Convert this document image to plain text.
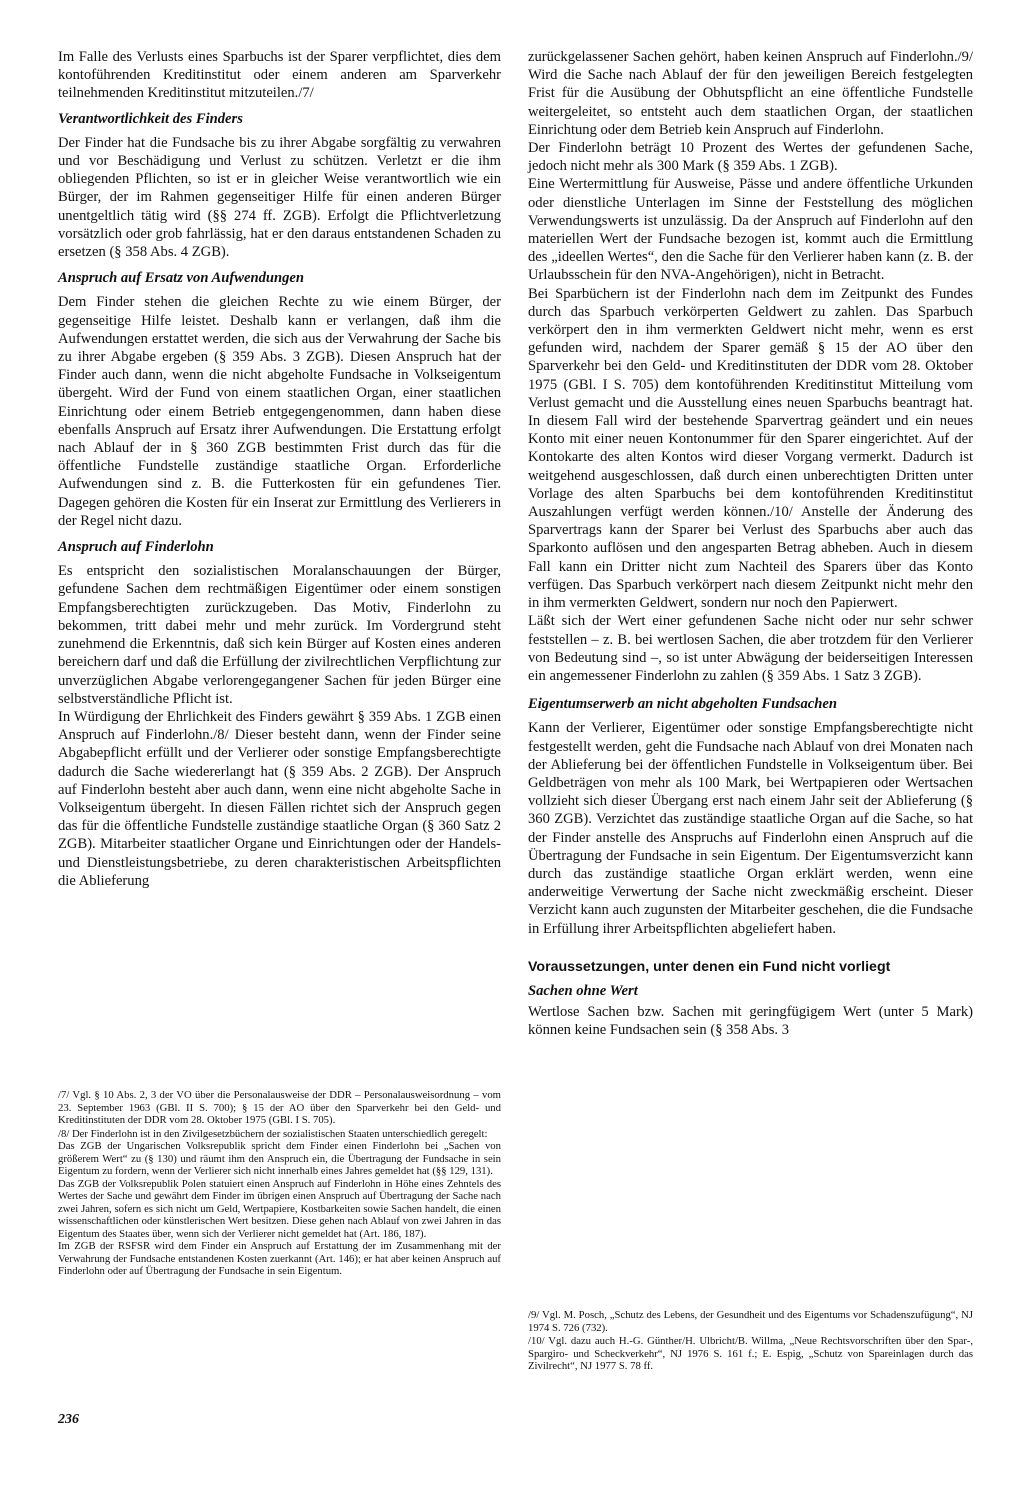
Im Falle des Verlusts eines Sparbuchs ist der Sparer verpflichtet, dies dem kontoführenden Kreditinstitut oder einem anderen am Sparverkehr teilnehmenden Kreditinstitut mitzuteilen./7/

Verantwortlichkeit des Finders

Der Finder hat die Fundsache bis zu ihrer Abgabe sorgfältig zu verwahren und vor Beschädigung und Verlust zu schützen. Verletzt er die ihm obliegenden Pflichten, so ist er in gleicher Weise verantwortlich wie ein Bürger, der im Rahmen gegenseitiger Hilfe für einen anderen Bürger unentgeltlich tätig wird (§§ 274 ff. ZGB). Erfolgt die Pflichtverletzung vorsätzlich oder grob fahrlässig, hat er den daraus entstandenen Schaden zu ersetzen (§ 358 Abs. 4 ZGB).

Anspruch auf Ersatz von Aufwendungen

Dem Finder stehen die gleichen Rechte zu wie einem Bürger, der gegenseitige Hilfe leistet. Deshalb kann er verlangen, daß ihm die Aufwendungen erstattet werden, die sich aus der Verwahrung der Sache bis zu ihrer Abgabe ergeben (§ 359 Abs. 3 ZGB). Diesen Anspruch hat der Finder auch dann, wenn die nicht abgeholte Fundsache in Volkseigentum übergeht. Wird der Fund von einem staatlichen Organ, einer staatlichen Einrichtung oder einem Betrieb entgegengenommen, dann haben diese ebenfalls Anspruch auf Ersatz ihrer Aufwendungen. Die Erstattung erfolgt nach Ablauf der in § 360 ZGB bestimmten Frist durch das für die öffentliche Fundstelle zuständige staatliche Organ. Erforderliche Aufwendungen sind z. B. die Futterkosten für ein gefundenes Tier. Dagegen gehören die Kosten für ein Inserat zur Ermittlung des Verlierers in der Regel nicht dazu.

Anspruch auf Finderlohn

Es entspricht den sozialistischen Moralanschauungen der Bürger, gefundene Sachen dem rechtmäßigen Eigentümer oder einem sonstigen Empfangsberechtigten zurückzugeben. Das Motiv, Finderlohn zu bekommen, tritt dabei mehr und mehr zurück. Im Vordergrund steht zunehmend die Erkenntnis, daß sich kein Bürger auf Kosten eines anderen bereichern darf und daß die Erfüllung der zivilrechtlichen Verpflichtung zur unverzüglichen Abgabe verlorengegangener Sachen für jeden Bürger eine selbstverständliche Pflicht ist.

In Würdigung der Ehrlichkeit des Finders gewährt § 359 Abs. 1 ZGB einen Anspruch auf Finderlohn./8/ Dieser besteht dann, wenn der Finder seine Abgabepflicht erfüllt und der Verlierer oder sonstige Empfangsberechtigte dadurch die Sache wiedererlangt hat (§ 359 Abs. 2 ZGB). Der Anspruch auf Finderlohn besteht aber auch dann, wenn eine nicht abgeholte Sache in Volkseigentum übergeht. In diesen Fällen richtet sich der Anspruch gegen das für die öffentliche Fundstelle zuständige staatliche Organ (§ 360 Satz 2 ZGB). Mitarbeiter staatlicher Organe und Einrichtungen oder der Handels- und Dienstleistungsbetriebe, zu deren charakteristischen Arbeitspflichten die Ablieferung

/7/ Vgl. § 10 Abs. 2, 3 der VO über die Personalausweise der DDR – Personalausweisordnung – vom 23. September 1963 (GBl. II S. 700); § 15 der AO über den Sparverkehr bei den Geld- und Kreditinstituten der DDR vom 28. Oktober 1975 (GBl. I S. 705).

/8/ Der Finderlohn ist in den Zivilgesetzbüchern der sozialistischen Staaten unterschiedlich geregelt:

Das ZGB der Ungarischen Volksrepublik spricht dem Finder einen Finderlohn bei „Sachen von größerem Wert“ zu (§ 130) und räumt ihm den Anspruch ein, die Übertragung der Fundsache in sein Eigentum zu fordern, wenn der Verlierer sich nicht innerhalb eines Jahres gemeldet hat (§§ 129, 131).

Das ZGB der Volksrepublik Polen statuiert einen Anspruch auf Finderlohn in Höhe eines Zehntels des Wertes der Sache und gewährt dem Finder im übrigen einen Anspruch auf Übertragung der Sache nach zwei Jahren, sofern es sich nicht um Geld, Wertpapiere, Kostbarkeiten sowie Sachen handelt, die einen wissenschaftlichen oder künstlerischen Wert besitzen. Diese gehen nach Ablauf von zwei Jahren in das Eigentum des Staates über, wenn sich der Verlierer nicht gemeldet hat (Art. 186, 187).

Im ZGB der RSFSR wird dem Finder ein Anspruch auf Erstattung der im Zusammenhang mit der Verwahrung der Fundsache entstandenen Kosten zuerkannt (Art. 146); er hat aber keinen Anspruch auf Finderlohn oder auf Übertragung der Fundsache in sein Eigentum.

236

zurückgelassener Sachen gehört, haben keinen Anspruch auf Finderlohn./9/ Wird die Sache nach Ablauf der für den jeweiligen Bereich festgelegten Frist für die Ausübung der Obhutspflicht an eine öffentliche Fundstelle weitergeleitet, so entsteht auch dem staatlichen Organ, der staatlichen Einrichtung oder dem Betrieb kein Anspruch auf Finderlohn.

Der Finderlohn beträgt 10 Prozent des Wertes der gefundenen Sache, jedoch nicht mehr als 300 Mark (§ 359 Abs. 1 ZGB).

Eine Wertermittlung für Ausweise, Pässe und andere öffentliche Urkunden oder dienstliche Unterlagen im Sinne der Feststellung des möglichen Verwendungswerts ist unzulässig. Da der Anspruch auf Finderlohn auf den materiellen Wert der Fundsache bezogen ist, kommt auch die Ermittlung des „ideellen Wertes“, den die Sache für den Verlierer haben kann (z. B. der Urlaubsschein für den NVA-Angehörigen), nicht in Betracht.

Bei Sparbüchern ist der Finderlohn nach dem im Zeitpunkt des Fundes durch das Sparbuch verkörperten Geldwert zu zahlen. Das Sparbuch verkörpert den in ihm vermerkten Geldwert nicht mehr, wenn es erst gefunden wird, nachdem der Sparer gemäß § 15 der AO über den Sparverkehr bei den Geld- und Kreditinstituten der DDR vom 28. Oktober 1975 (GBl. I S. 705) dem kontoführenden Kreditinstitut Mitteilung vom Verlust gemacht und die Ausstellung eines neuen Sparbuchs beantragt hat. In diesem Fall wird der bestehende Sparvertrag geändert und ein neues Konto mit einer neuen Kontonummer für den Sparer eingerichtet. Auf der Kontokarte des alten Kontos wird dieser Vorgang vermerkt. Dadurch ist weitgehend ausgeschlossen, daß durch einen unberechtigten Dritten unter Vorlage des alten Sparbuchs bei dem kontoführenden Kreditinstitut Auszahlungen verfügt werden können./10/ Anstelle der Änderung des Sparvertrags kann der Sparer bei Verlust des Sparbuchs aber auch das Sparkonto auflösen und den angesparten Betrag abheben. Auch in diesem Fall kann ein Dritter nicht zum Nachteil des Sparers über das Konto verfügen. Das Sparbuch verkörpert nach diesem Zeitpunkt nicht mehr den in ihm vermerkten Geldwert, sondern nur noch den Papierwert.

Läßt sich der Wert einer gefundenen Sache nicht oder nur sehr schwer feststellen – z. B. bei wertlosen Sachen, die aber trotzdem für den Verlierer von Bedeutung sind –, so ist unter Abwägung der beiderseitigen Interessen ein angemessener Finderlohn zu zahlen (§ 359 Abs. 1 Satz 3 ZGB).

Eigentumserwerb an nicht abgeholten Fundsachen

Kann der Verlierer, Eigentümer oder sonstige Empfangsberechtigte nicht festgestellt werden, geht die Fundsache nach Ablauf von drei Monaten nach der Ablieferung bei der öffentlichen Fundstelle in Volkseigentum über. Bei Geldbeträgen von mehr als 100 Mark, bei Wertpapieren oder Wertsachen vollzieht sich dieser Übergang erst nach einem Jahr seit der Ablieferung (§ 360 ZGB). Verzichtet das zuständige staatliche Organ auf die Sache, so hat der Finder anstelle des Anspruchs auf Finderlohn einen Anspruch auf die Übertragung der Fundsache in sein Eigentum. Der Eigentumsverzicht kann durch das zuständige staatliche Organ erklärt werden, wenn eine anderweitige Verwertung der Sache nicht zweckmäßig erscheint. Dieser Verzicht kann auch zugunsten der Mitarbeiter geschehen, die die Fundsache in Erfüllung ihrer Arbeitspflichten abgeliefert haben.

Voraussetzungen, unter denen ein Fund nicht vorliegt
Sachen ohne Wert

Wertlose Sachen bzw. Sachen mit geringfügigem Wert (unter 5 Mark) können keine Fundsachen sein (§ 358 Abs. 3

/9/ Vgl. M. Posch, „Schutz des Lebens, der Gesundheit und des Eigentums vor Schadenszufügung“, NJ 1974 S. 726 (732).

/10/ Vgl. dazu auch H.-G. Günther/H. Ulbricht/B. Willma, „Neue Rechtsvorschriften über den Spar-, Spargiro- und Scheckverkehr“, NJ 1976 S. 161 f.; E. Espig, „Schutz von Spareinlagen durch das Zivilrecht“, NJ 1977 S. 78 ff.
